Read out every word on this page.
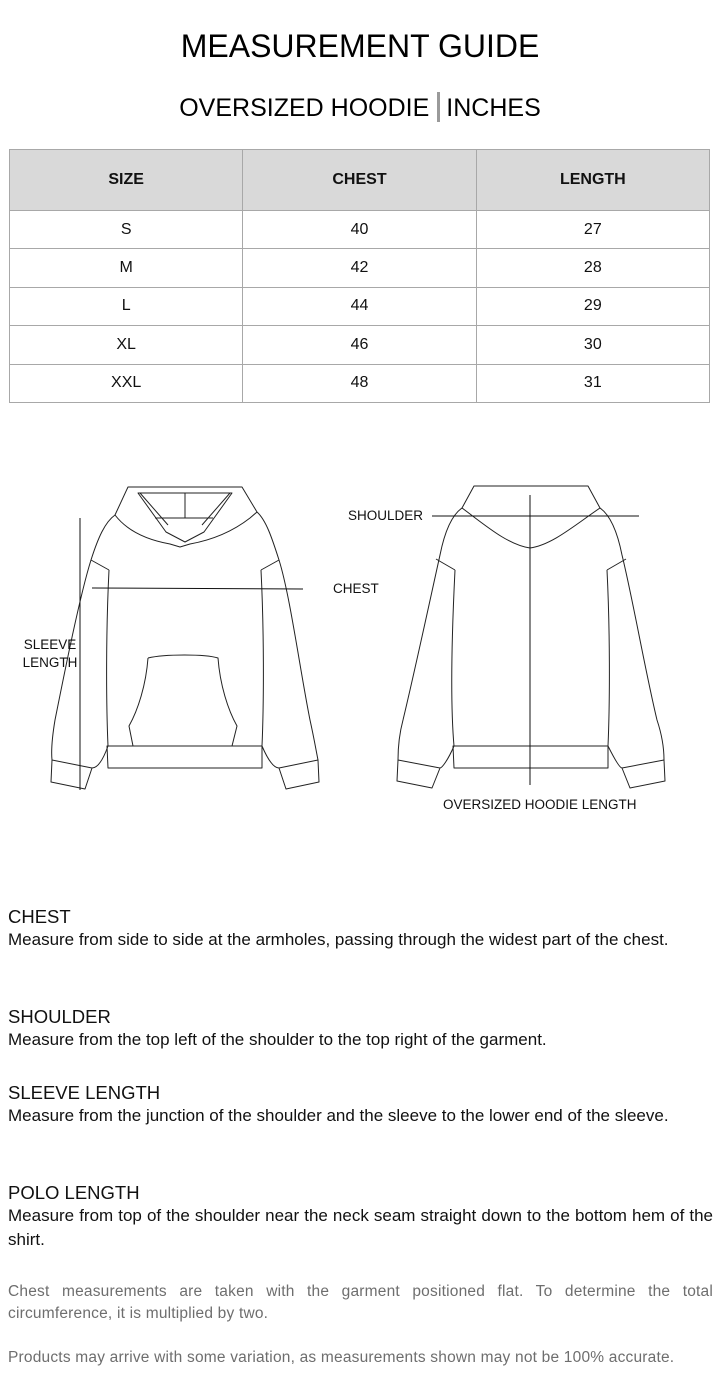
MEASUREMENT GUIDE
OVERSIZED HOODIE INCHES
SIZE	CHEST	LENGTH
S	40	27
M	42	28
L	44	29
XL	46	30
XXL	48	31
SLEEVE
LENGTH
CHEST
SHOULDER
OVERSIZED HOODIE LENGTH
CHEST

Measure from side to side at the armholes, passing through the widest part of the chest.

SHOULDER

Measure from the top left of the shoulder to the top right of the garment.

SLEEVE LENGTH

Measure from the junction of the shoulder and the sleeve to the lower end of the sleeve.

POLO LENGTH

Measure from top of the shoulder near the neck seam straight down to the bottom hem of the shirt.

Chest measurements are taken with the garment positioned flat. To determine the total circumference, it is multiplied by two.

Products may arrive with some variation, as measurements shown may not be 100% accurate.
